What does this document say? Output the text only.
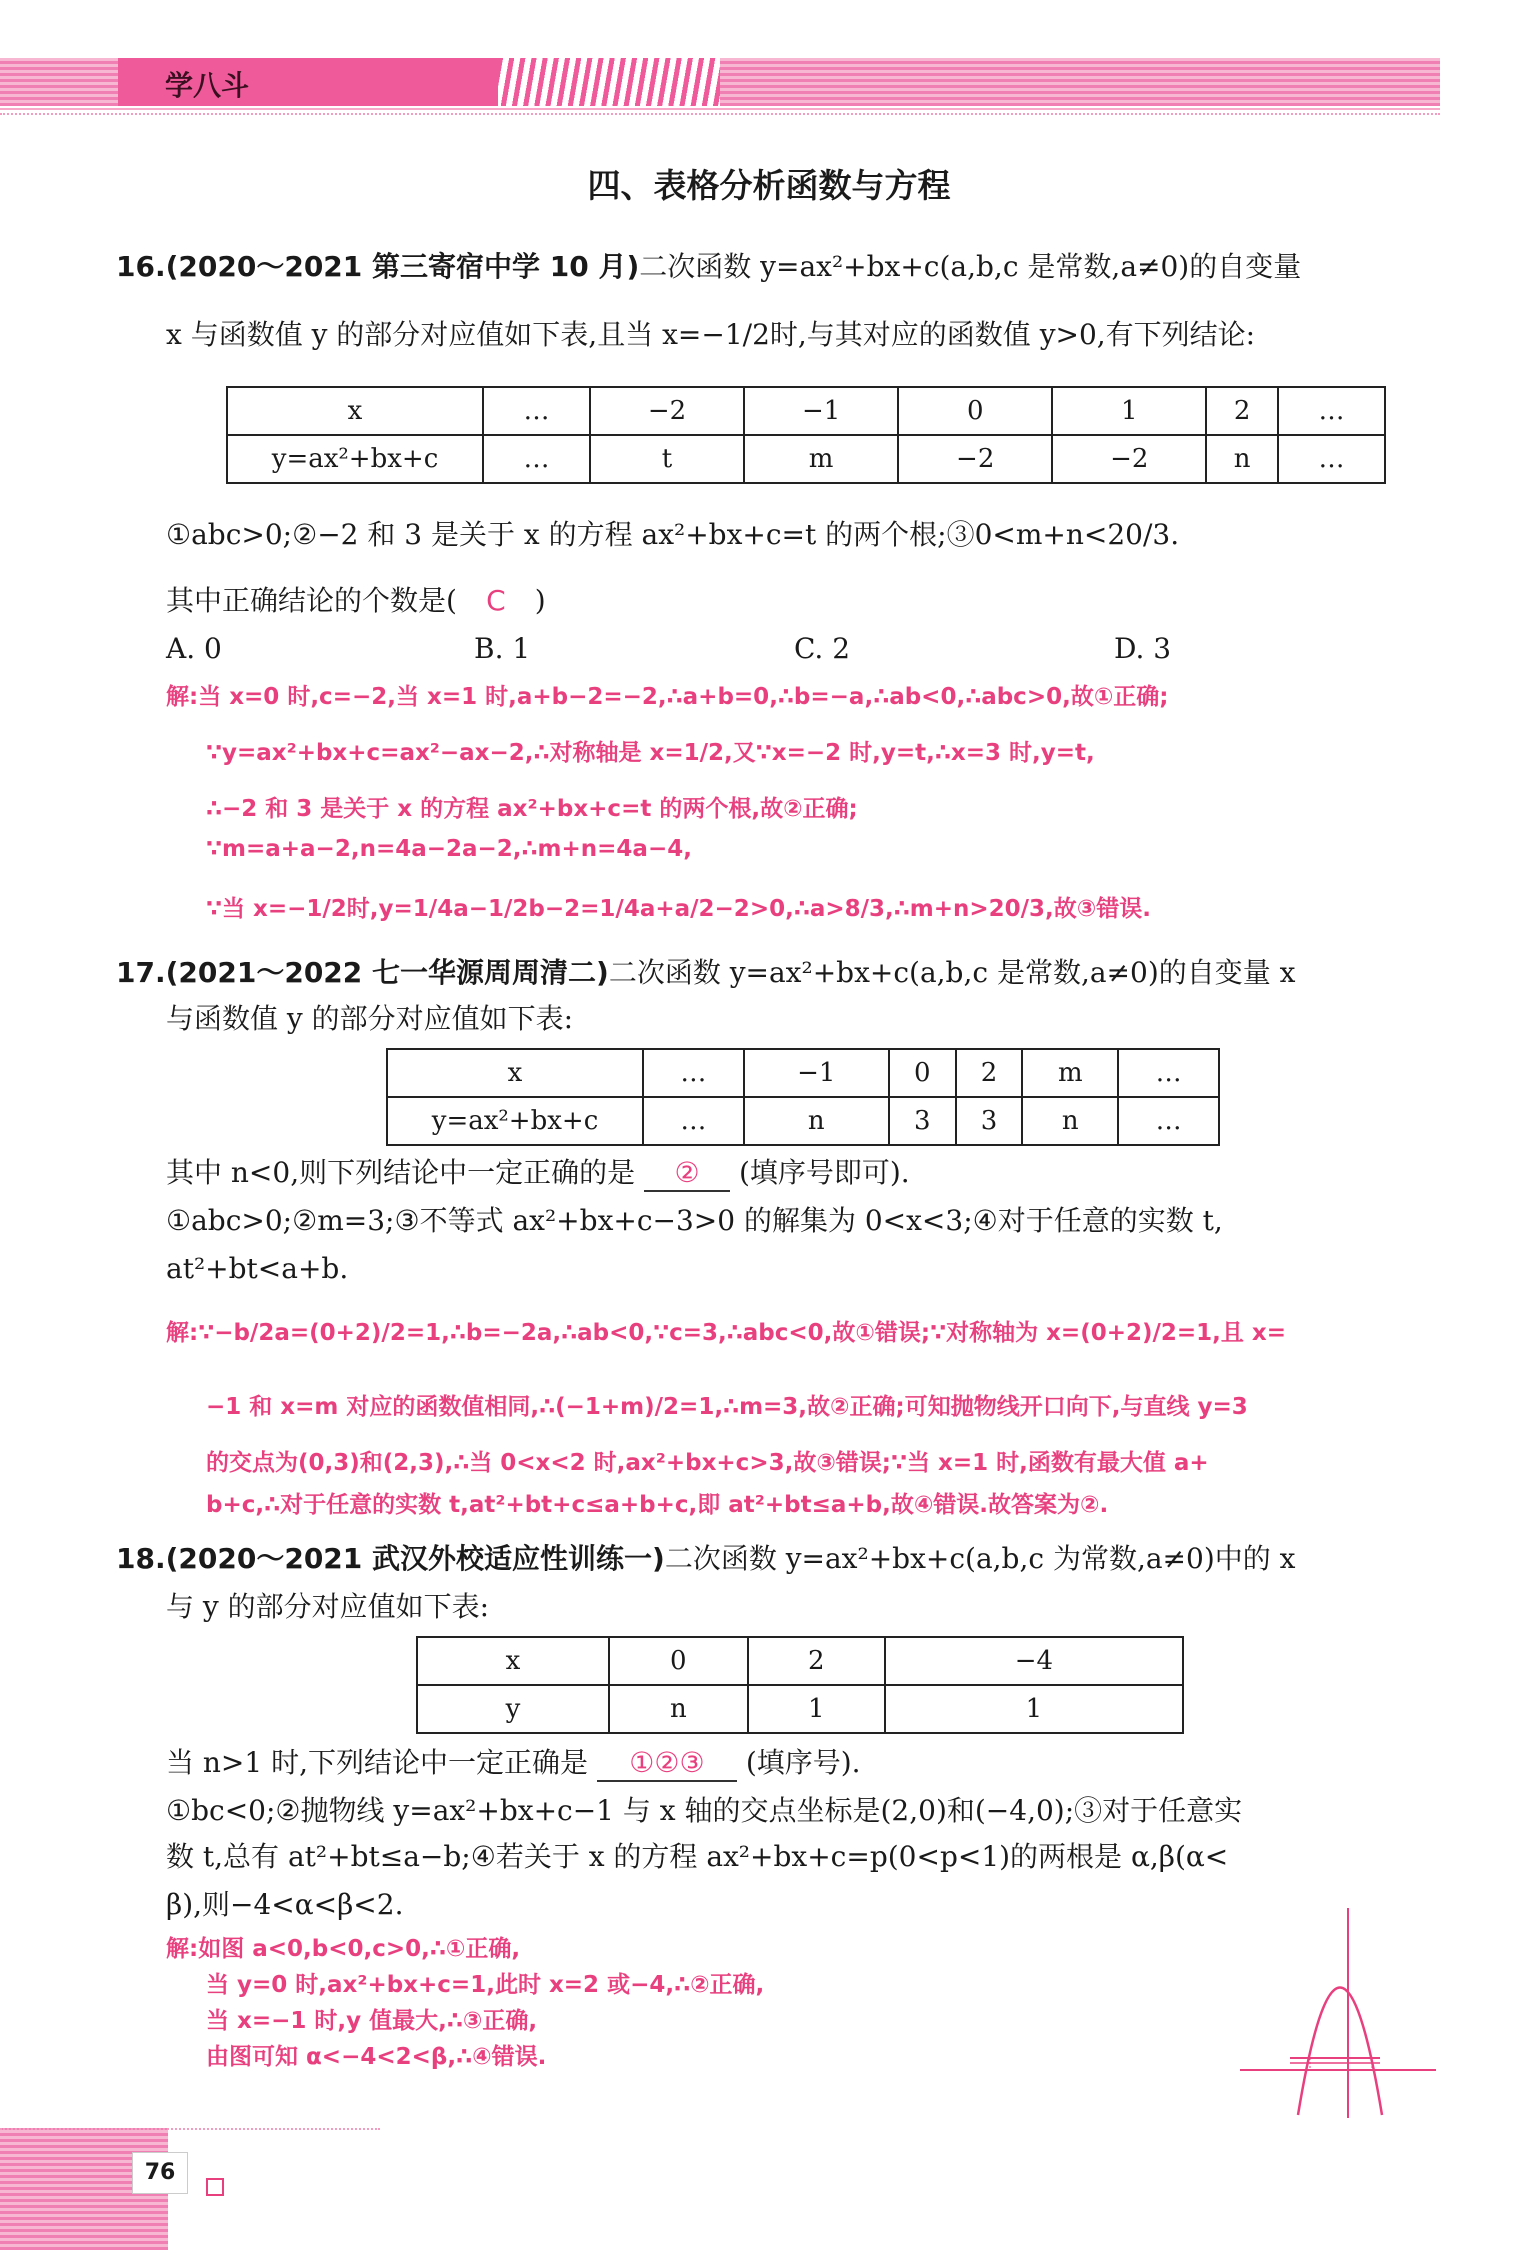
学八斗
四、表格分析函数与方程
16.(2020～2021 第三寄宿中学 10 月)二次函数 y=ax²+bx+c(a,b,c 是常数,a≠0)的自变量
x 与函数值 y 的部分对应值如下表,且当 x=−1/2时,与其对应的函数值 y>0,有下列结论:
x	…	−2	−1	0	1	2	…
y=ax²+bx+c	…	t	m	−2	−2	n	…
①abc>0;②−2 和 3 是关于 x 的方程 ax²+bx+c=t 的两个根;③0<m+n<20/3.
其中正确结论的个数是( C )
A. 0	B. 1	C. 2	D. 3
解:当 x=0 时,c=−2,当 x=1 时,a+b−2=−2,∴a+b=0,∴b=−a,∴ab<0,∴abc>0,故①正确;
∵y=ax²+bx+c=ax²−ax−2,∴对称轴是 x=1/2,又∵x=−2 时,y=t,∴x=3 时,y=t,
∴−2 和 3 是关于 x 的方程 ax²+bx+c=t 的两个根,故②正确;
∵m=a+a−2,n=4a−2a−2,∴m+n=4a−4,
∵当 x=−1/2时,y=1/4a−1/2b−2=1/4a+a/2−2>0,∴a>8/3,∴m+n>20/3,故③错误.
17.(2021～2022 七一华源周周清二)二次函数 y=ax²+bx+c(a,b,c 是常数,a≠0)的自变量 x
与函数值 y 的部分对应值如下表:
x	…	−1	0	2	m	…
y=ax²+bx+c	…	n	3	3	n	…
其中 n<0,则下列结论中一定正确的是 ② (填序号即可).
①abc>0;②m=3;③不等式 ax²+bx+c−3>0 的解集为 0<x<3;④对于任意的实数 t,
at²+bt<a+b.
解:∵−b/2a=(0+2)/2=1,∴b=−2a,∴ab<0,∵c=3,∴abc<0,故①错误;∵对称轴为 x=(0+2)/2=1,且 x=
−1 和 x=m 对应的函数值相同,∴(−1+m)/2=1,∴m=3,故②正确;可知抛物线开口向下,与直线 y=3
的交点为(0,3)和(2,3),∴当 0<x<2 时,ax²+bx+c>3,故③错误;∵当 x=1 时,函数有最大值 a+
b+c,∴对于任意的实数 t,at²+bt+c≤a+b+c,即 at²+bt≤a+b,故④错误.故答案为②.
18.(2020～2021 武汉外校适应性训练一)二次函数 y=ax²+bx+c(a,b,c 为常数,a≠0)中的 x
与 y 的部分对应值如下表:
x	0	2	−4
y	n	1	1
当 n>1 时,下列结论中一定正确是 ①②③ (填序号).
①bc<0;②抛物线 y=ax²+bx+c−1 与 x 轴的交点坐标是(2,0)和(−4,0);③对于任意实
数 t,总有 at²+bt≤a−b;④若关于 x 的方程 ax²+bx+c=p(0<p<1)的两根是 α,β(α<
β),则−4<α<β<2.
解:如图 a<0,b<0,c>0,∴①正确,
当 y=0 时,ax²+bx+c=1,此时 x=2 或−4,∴②正确,
当 x=−1 时,y 值最大,∴③正确,
由图可知 α<−4<2<β,∴④错误.
76
